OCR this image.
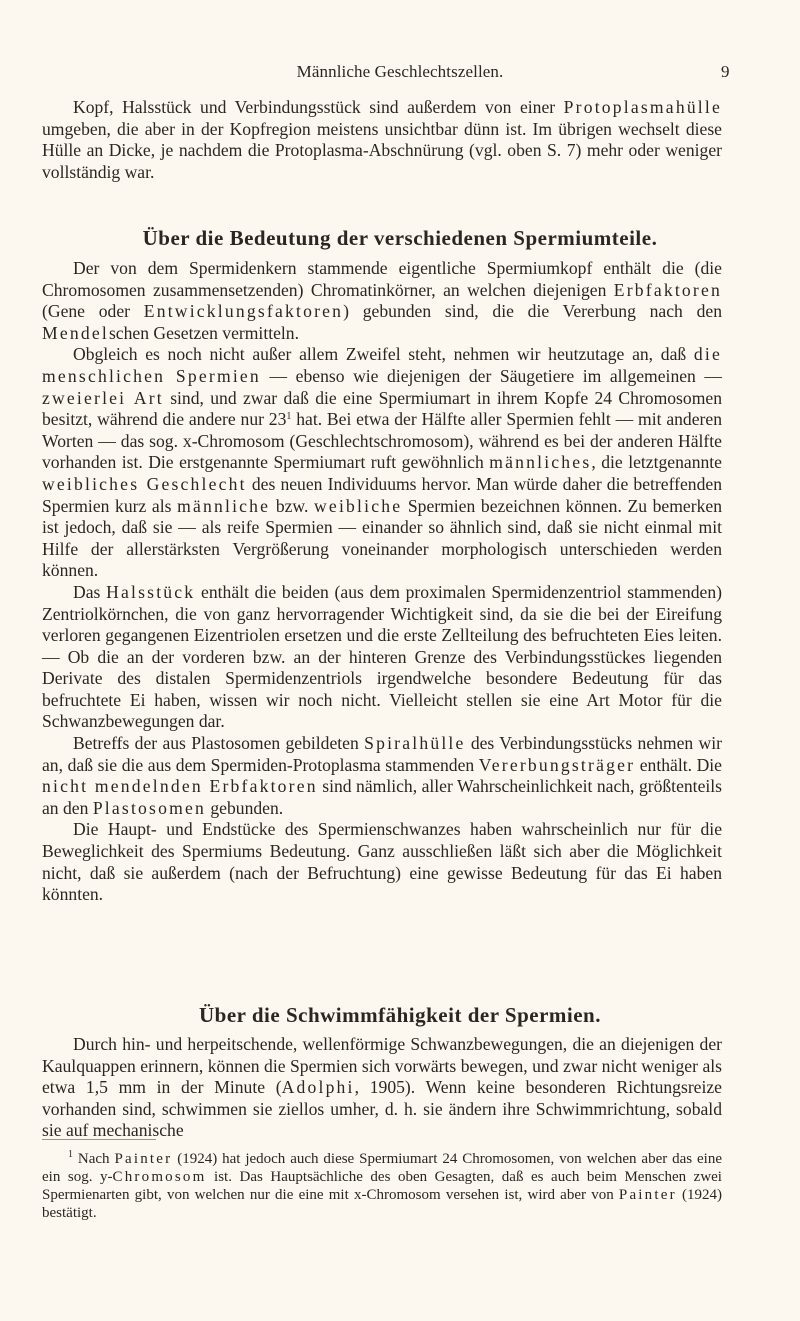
Männliche Geschlechtszellen.	9

Kopf, Halsstück und Verbindungsstück sind außerdem von einer Protoplasmahülle umgeben, die aber in der Kopfregion meistens unsichtbar dünn ist. Im übrigen wechselt diese Hülle an Dicke, je nachdem die Protoplasma-Abschnürung (vgl. oben S. 7) mehr oder weniger vollständig war.

Über die Bedeutung der verschiedenen Spermiumteile.

Der von dem Spermidenkern stammende eigentliche Spermiumkopf enthält die (die Chromosomen zusammensetzenden) Chromatinkörner, an welchen diejenigen Erbfaktoren (Gene oder Entwicklungsfaktoren) gebunden sind, die die Vererbung nach den Mendelschen Gesetzen vermitteln.

Obgleich es noch nicht außer allem Zweifel steht, nehmen wir heutzutage an, daß die menschlichen Spermien — ebenso wie diejenigen der Säugetiere im allgemeinen — zweierlei Art sind, und zwar daß die eine Spermiumart in ihrem Kopfe 24 Chromosomen besitzt, während die andere nur $23^1$ hat. Bei etwa der Hälfte aller Spermien fehlt — mit anderen Worten — das sog. x-Chromosom (Geschlechtschromosom), während es bei der anderen Hälfte vorhanden ist. Die erstgenannte Spermiumart ruft gewöhnlich männliches, die letztgenannte weibliches Geschlecht des neuen Individuums hervor. Man würde daher die betreffenden Spermien kurz als männliche bzw. weibliche Spermien bezeichnen können. Zu bemerken ist jedoch, daß sie — als reife Spermien — einander so ähnlich sind, daß sie nicht einmal mit Hilfe der allerstärksten Vergrößerung voneinander morphologisch unterschieden werden können.

Das Halsstück enthält die beiden (aus dem proximalen Spermidenzentriol stammenden) Zentriolkörnchen, die von ganz hervorragender Wichtigkeit sind, da sie die bei der Eireifung verloren gegangenen Eizentriolen ersetzen und die erste Zellteilung des befruchteten Eies leiten. — Ob die an der vorderen bzw. an der hinteren Grenze des Verbindungsstückes liegenden Derivate des distalen Spermidenzentriols irgendwelche besondere Bedeutung für das befruchtete Ei haben, wissen wir noch nicht. Vielleicht stellen sie eine Art Motor für die Schwanzbewegungen dar.

Betreffs der aus Plastosomen gebildeten Spiralhülle des Verbindungsstücks nehmen wir an, daß sie die aus dem Spermiden-Protoplasma stammenden Vererbungsträger enthält. Die nicht mendelnden Erbfaktoren sind nämlich, aller Wahrscheinlichkeit nach, größtenteils an den Plastosomen gebunden.

Die Haupt- und Endstücke des Spermienschwanzes haben wahrscheinlich nur für die Beweglichkeit des Spermiums Bedeutung. Ganz ausschließen läßt sich aber die Möglichkeit nicht, daß sie außerdem (nach der Befruchtung) eine gewisse Bedeutung für das Ei haben könnten.

Über die Schwimmfähigkeit der Spermien.

Durch hin- und herpeitschende, wellenförmige Schwanzbewegungen, die an diejenigen der Kaulquappen erinnern, können die Spermien sich vorwärts bewegen, und zwar nicht weniger als etwa 1,5 mm in der Minute (Adolphi, 1905). Wenn keine besonderen Richtungsreize vorhanden sind, schwimmen sie ziellos umher, d. h. sie ändern ihre Schwimmrichtung, sobald sie auf mechanische

$^1$ Nach Painter (1924) hat jedoch auch diese Spermiumart 24 Chromosomen, von welchen aber das eine ein sog. y-Chromosom ist. Das Hauptsächliche des oben Gesagten, daß es auch beim Menschen zwei Spermienarten gibt, von welchen nur die eine mit x-Chromosom versehen ist, wird aber von Painter (1924) bestätigt.
